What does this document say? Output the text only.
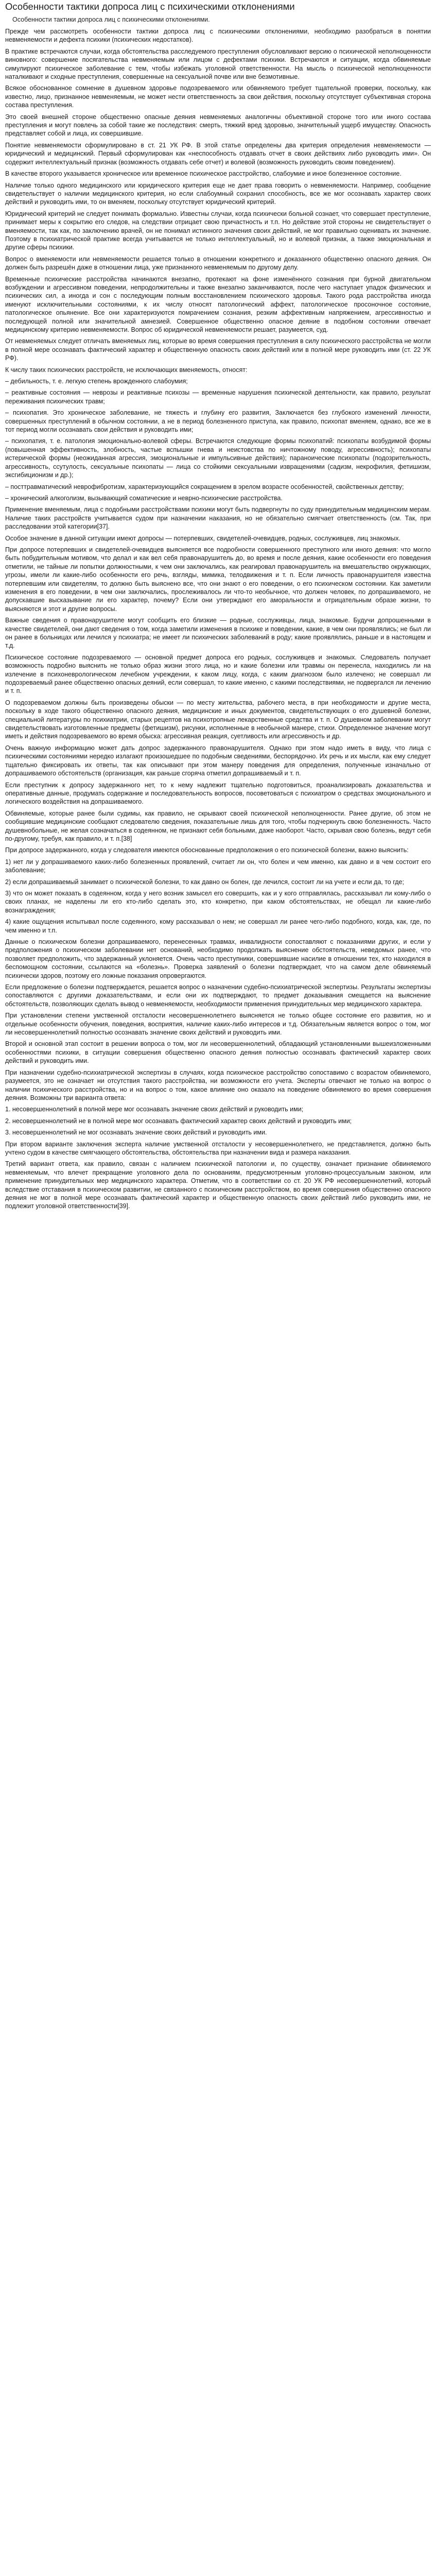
Особенности тактики допроса лиц с психическими отклонениями
Особенности тактики допроса лиц с психическими отклонениями.

Прежде чем рассмотреть особенности тактики допроса лиц с психическими отклонениями, необходимо разобраться в понятии невменяемости и дефекта психики (психических недостатков).

В практике встречаются случаи, когда обстоятельства расследуемого преступления обусловливают версию о психической неполноценности виновного: совершение посягательства невменяемым или лицом с дефектами психики. Встречаются и ситуации, когда обвиняемые симулируют психическое заболевание с тем, чтобы избежать уголовной ответственности. На мысль о психической неполноценности наталкивают и сходные преступления, совершенные на сексуальной почве или вне безмотивные.

Всякое обоснованное сомнение в душевном здоровье подозреваемого или обвиняемого требует тщательной проверки, поскольку, как известно, лицо, признанное невменяемым, не может нести ответственность за свои действия, поскольку отсутствует субъективная сторона состава преступления.

Это своей внешней стороне общественно опасные деяния невменяемых аналогичны объективной стороне того или иного состава преступления и могут повлечь за собой такие же последствия: смерть, тяжкий вред здоровью, значительный ущерб имуществу. Опасность представляет собой и лица, их совершившие.

Понятие невменяемости сформулировано в ст. 21 УК РФ. В этой статье определены два критерия определения невменяемости — юридический и медицинский. Первый сформулирован как «неспособность отдавать отчет в своих действиях либо руководить ими». Он содержит интеллектуальный признак (возможность отдавать себе отчет) и волевой (возможность руководить своим поведением).

В качестве второго указывается хроническое или временное психическое расстройство, слабоумие и иное болезненное состояние.

Наличие только одного медицинского или юридического критерия еще не дает права говорить о невменяемости. Например, сообщение свидетельствует о наличии медицинского критерия, но если слабоумный сохранил способность, все же мог осознавать характер своих действий и руководить ими, то он вменяем, поскольку отсутствует юридический критерий.

Юридический критерий не следует понимать формально. Известны случаи, когда психически больной сознает, что совершает преступление, принимает меры к сокрытию его следов, на следствии отрицает свою причастность и т.п. Но действие этой стороны не свидетельствует о вменяемости, так как, по заключению врачей, он не понимал истинного значения своих действий, не мог правильно оценивать их значение. Поэтому в психиатрической практике всегда учитывается не только интеллектуальный, но и волевой признак, а также эмоциональная и другие сферы психики.

Вопрос о вменяемости или невменяемости решается только в отношении конкретного и доказанного общественно опасного деяния. Он должен быть разрешён даже в отношении лица, уже признанного невменяемым по другому делу.

Временные психические расстройства начинаются внезапно, протекают на фоне изменённого сознания при бурной двигательном возбуждении и агрессивном поведении, непродолжительны и также внезапно заканчиваются, после чего наступает упадок физических и психических сил, а иногда и сон с последующим полным восстановлением психического здоровья. Такого рода расстройства иногда именуют исключительными состояниями, к их числу относят патологический аффект, патологическое просоночное состояние, патологическое опьянение. Все они характеризуются помрачением сознания, резким аффективным напряжением, агрессивностью и последующей полной или значительной амнезией. Совершенное общественно опасное деяние в подобном состоянии отвечает медицинскому критерию невменяемости. Вопрос об юридической невменяемости решает, разумеется, суд.

От невменяемых следует отличать вменяемых лиц, которые во время совершения преступления в силу психического расстройства не могли в полной мере осознавать фактический характер и общественную опасность своих действий или в полной мере руководить ими (ст. 22 УК РФ).

К числу таких психических расстройств, не исключающих вменяемость, относят:

– дебильность, т. е. легкую степень врожденного слабоумия;

– реактивные состояния — неврозы и реактивные психозы — временные нарушения психической деятельности, как правило, результат переживания психических травм;

– психопатия. Это хроническое заболевание, не тяжесть и глубину его развития, Заключается без глубокого изменений личности, совершенных преступлений в обычном состоянии, а не в период болезненного приступа, как правило, психопат вменяем, однако, все же в тот период могли осознавать свои действия и руководить ими;

– психопатия, т. е. патология эмоционально-волевой сферы. Встречаются следующие формы психопатий: психопаты возбудимой формы (повышенная эффективность, злобность, частые вспышки гнева и неистовства по ничтожному поводу, агрессивность); психопаты истерической формы (неожиданная агрессия, эмоциональные и импульсивные действия); параноические психопаты (подозрительность, агрессивность, ссутулость, сексуальные психопаты — лица со стойкими сексуальными извращениями (садизм, некрофилия, фетишизм, эксгибиционизм и др.);

– посттравматический неврофибротизм, характеризующийся сокращением в эрелом возрасте особенностей, свойственных детству;

– хронический алкоголизм, вызывающий соматические и неврно-психические расстройства.

Применение вменяемым, лица с подобными расстройствами психики могут быть подвергнуты по суду принудительным медицинским мерам. Наличие таких расстройств учитывается судом при назначении наказания, но не обязательно смягчает ответственность (см. Так, при расследовании этой категории[37].

Особое значение в данной ситуации имеют допросы — потерпевших, свидетелей-очевидцев, родных, сослуживцев, лиц знакомых.

При допросе потерпевших и свидетелей-очевидцев выясняется все подробности совершенного преступного или иного деяния: что могло быть побудительным мотивом, что делал и как вел себя правонарушитель до, во время и после деяния, какие особенности его поведения отметили, не тайные ли попытки должностными, к чем они заключались, как реагировал правонарушитель на вмешательство окружающих, угрозы, имели ли какие-либо особенности его речь, взгляды, мимика, телодвижения и т. п. Если личность правонарушителя известна потерпевшим или свидетелям, то должно быть выяснено все, что они знают о его поведении, о его психическом состоянии. Как заметили изменения в его поведении, в чем они заключались, прослеживалось ли что-то необычное, что должен человек, по допрашиваемого, не допускавшие высказывание ли его характер, почему? Если они утверждают его аморальности и отрицательным образе жизни, то выясняются и этот и другие вопросы.

Важные сведения о правонарушителе могут сообщить его близкие — родные, сослуживцы, лица, знакомые. Будучи допрошенными в качестве свидетелей, они дают сведения о том, когда заметили изменения в психике и поведении, какие, в чем они проявлялись; не был ли он ранее в больницах или лечился у психиатра; не имеет ли психических заболеваний в роду; какие проявлялись, раньше и в настоящем и т.д.

Психическое состояние подозреваемого — основной предмет допроса его родных, сослуживцев и знакомых. Следователь получает возможность подробно выяснить не только образ жизни этого лица, но и какие болезни или травмы он перенесла, находились ли на излечение в психоневрологическом лечебном учреждении, к каком лицу, когда, с каким диагнозом было излечено; не совершал ли подозреваемый ранее общественно опасных деяний, если совершал, то какие именно, с какими последствиями, не подвергался ли лечению и т. п.

О подозреваемом должны быть произведены обыски — по месту жительства, рабочего места, в при необходимости и другие места, поскольку в ходе такого общественно опасного деяния, медицинские и иных документов, свидетельствующих о его душевной болезни, специальной литературы по психиатрии, старых рецептов на психотропные лекарственные средства и т. п. О душевном заболевании могут свидетельствовать изготовленные предметы (фетишизм), рисунки, исполненные в необычной манере, стихи. Определенное значение могут иметь и действия подозреваемого во время обыска: агрессивная реакция, суетливость или агрессивность и др.

Очень важную информацию может дать допрос задержанного правонарушителя. Однако при этом надо иметь в виду, что лица с психическими состояниями нередко излагают произошедшее по подобным сведениями, беспорядочно. Их речь и их мысли, как ему следует тщательно фиксировать их ответы, так как описывают при этом манеру поведения для определения, полученные изначально от допрашиваемого обстоятельств (организация, как раньше сгоряча отметил допрашиваемый и т. п.

Если преступник к допросу задержанного нет, то к нему надлежит тщательно подготовиться, проанализировать доказательства и оперативные данные, продумать содержание и последовательность вопросов, посоветоваться с психиатром о средствах эмоционального и логического воздействия на допрашиваемого.

Обвиняемые, которые ранее были судимы, как правило, не скрывают своей психической неполноценности. Ранее другие, об этом не сообщившие медицинские сообщают следователю сведения, показательные лишь для того, чтобы подчеркнуть свою болезненность. Часто душевнобольные, не желая созначаться в содеянном, не признают себя больными, даже наоборот. Часто, скрывая свою болезнь, ведут себя по-другому, требуя, как правило, и т. п.[38]

При допросе задержанного, когда у следователя имеются обоснованные предположения о его психической болезни, важно выяснить:

1) нет ли у допрашиваемого каких-либо болезненных проявлений, считает ли он, что болен и чем именно, как давно и в чем состоит его заболевание;

2) если допрашиваемый занимает о психической болезни, то как давно он болен, где лечился, состоит ли на учете и если да, то где;

3) что он может показать в содеянном, когда у него возник замысел его совершить, как и у кого отправлялась, рассказывал ли кому-либо о своих планах, не наделены ли его кто-либо сделать это, кто конкретно, при каком обстоятельствах, не обещал ли какие-либо вознаграждения;

4) какие ощущения испытывал после содеянного, кому рассказывал о нем; не совершал ли ранее чего-либо подобного, когда, как, где, по чем именно и т.п.

Данные о психическом болезни допрашиваемого, перенесенных травмах, инвалидности сопоставляют с показаниями других, и если у предположения о психическом заболевании нет оснований, необходимо продолжать выяснение обстоятельств, неведомых ранее, что позволяет предположить, что задержанный уклоняется. Очень часто преступники, совершившие насилие в отношении тех, кто находился в беспомощном состоянии, ссылаются на «болезнь». Проверка заявлений о болезни подтверждает, что на самом деле обвиняемый психически здоров, поэтому его ложные показания опровергаются.

Если предложение о болезни подтверждается, решается вопрос о назначении судебно-психиатрической экспертизы. Результаты экспертизы сопоставляются с другими доказательствами, и если они их подтверждают, то предмет доказывания смещается на выяснение обстоятельств, позволяющих сделать вывод о невменяемости, необходимости применения принудительных мер медицинского характера.

При установлении степени умственной отсталости несовершеннолетнего выясняется не только общее состояние его развития, но и отдельные особенности обучения, поведения, восприятия, наличие каких-либо интересов и т.д. Обязательным является вопрос о том, мог ли несовершеннолетний полностью осознавать значение своих действий и руководить ими.

Второй и основной этап состоит в решении вопроса о том, мог ли несовершеннолетний, обладающий установленными вышеизложенными особенностями психики, в ситуации совершения общественно опасного деяния полностью осознавать фактический характер своих действий и руководить ими.

При назначении судебно-психиатрической экспертизы в случаях, когда психическое расстройство сопоставимо с возрастом обвиняемого, разумеется, это не означает ни отсутствия такого расстройства, ни возможности его учета. Эксперты отвечают не только на вопрос о наличии психического расстройства, но и на вопрос о том, какое влияние оно оказало на поведение обвиняемого во время совершения деяния. Возможны три варианта ответа:

1. несовершеннолетний в полной мере мог осознавать значение своих действий и руководить ими;

2. несовершеннолетний не в полной мере мог осознавать фактический характер своих действий и руководить ими;

3. несовершеннолетний не мог осознавать значение своих действий и руководить ими.

При втором варианте заключения эксперта наличие умственной отсталости у несовершеннолетнего, не представляется, должно быть учтено судом в качестве смягчающего обстоятельства, обстоятельства при назначении вида и размера наказания.

Третий вариант ответа, как правило, связан с наличием психической патологии и, по существу, означает признание обвиняемого невменяемым, что влечет прекращение уголовного дела по основаниям, предусмотренным уголовно-процессуальным законом, или применение принудительных мер медицинского характера. Отметим, что в соответствии со ст. 20 УК РФ несовершеннолетний, который вследствие отставания в психическом развитии, не связанного с психическим расстройством, во время совершения общественно опасного деяния не мог в полной мере осознавать фактический характер и общественную опасность своих действий либо руководить ими, не подлежит уголовной ответственности[39].
